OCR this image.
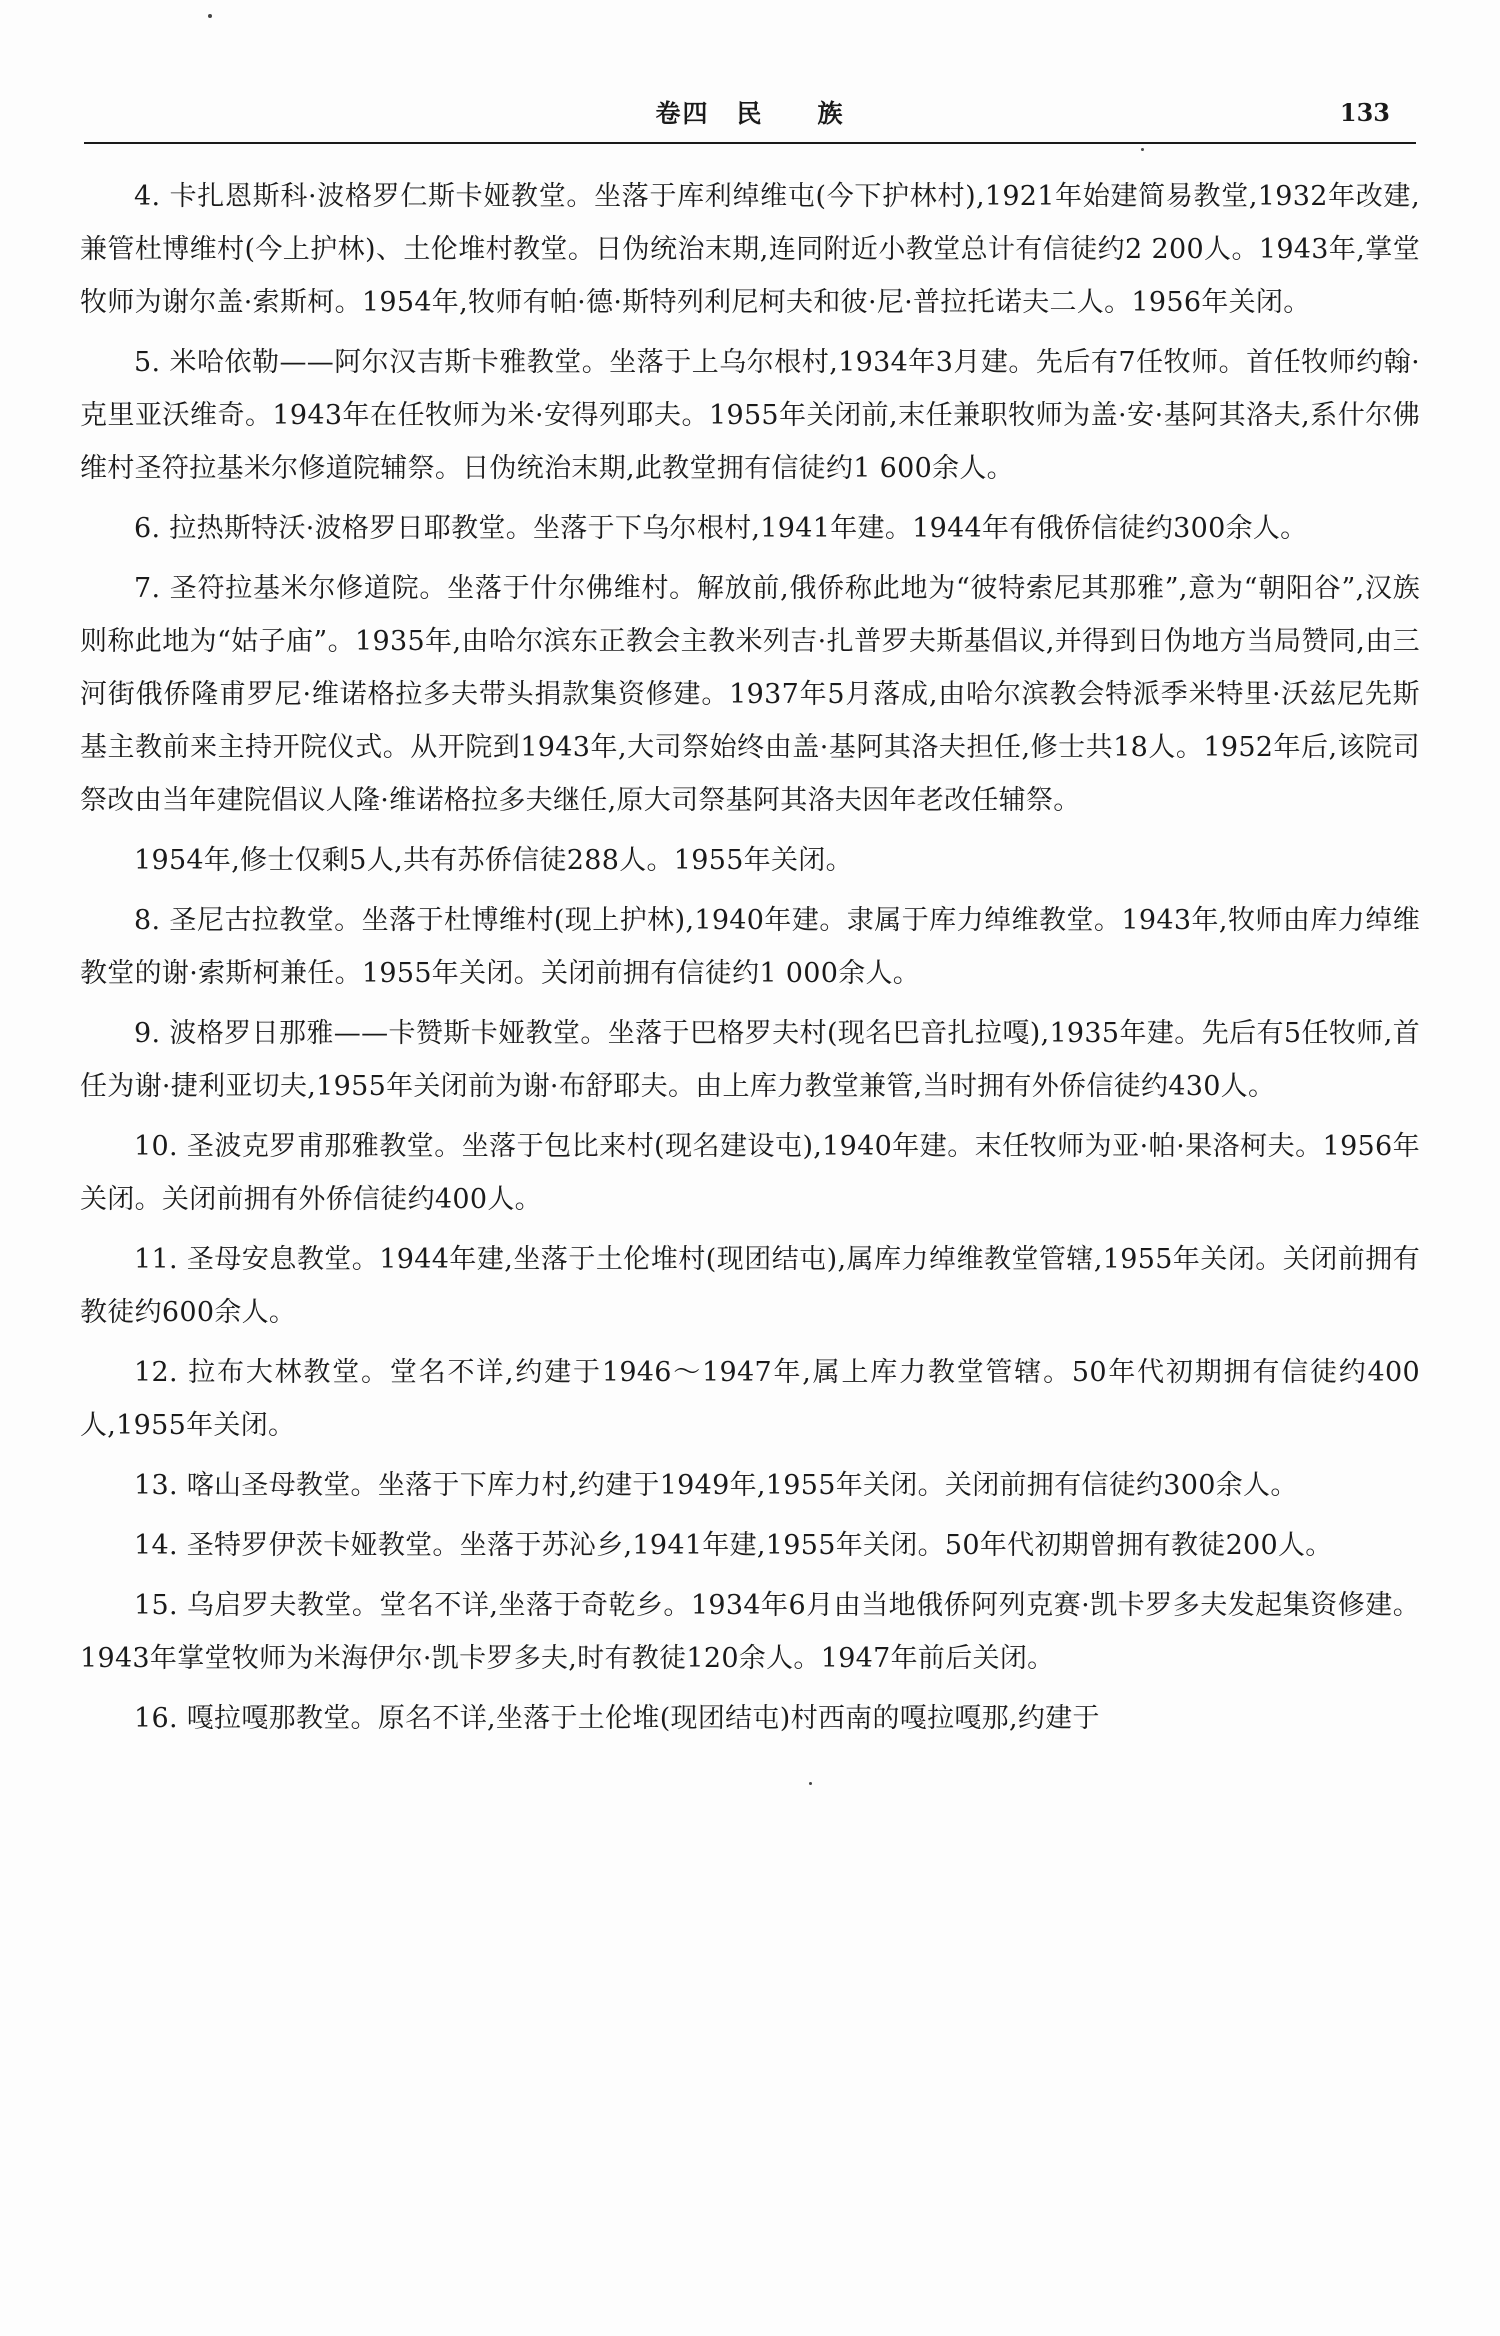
卷四　民　　族	133

4. 卡扎恩斯科·波格罗仁斯卡娅教堂。坐落于库利绰维屯(今下护林村),1921年始建简易教堂,1932年改建,兼管杜博维村(今上护林)、土伦堆村教堂。日伪统治末期,连同附近小教堂总计有信徒约2 200人。1943年,掌堂牧师为谢尔盖·索斯柯。1954年,牧师有帕·德·斯特列利尼柯夫和彼·尼·普拉托诺夫二人。1956年关闭。

5. 米哈依勒——阿尔汉吉斯卡雅教堂。坐落于上乌尔根村,1934年3月建。先后有7任牧师。首任牧师约翰·克里亚沃维奇。1943年在任牧师为米·安得列耶夫。1955年关闭前,末任兼职牧师为盖·安·基阿其洛夫,系什尔佛维村圣符拉基米尔修道院辅祭。日伪统治末期,此教堂拥有信徒约1 600余人。

6. 拉热斯特沃·波格罗日耶教堂。坐落于下乌尔根村,1941年建。1944年有俄侨信徒约300余人。

7. 圣符拉基米尔修道院。坐落于什尔佛维村。解放前,俄侨称此地为“彼特索尼其那雅”,意为“朝阳谷”,汉族则称此地为“姑子庙”。1935年,由哈尔滨东正教会主教米列吉·扎普罗夫斯基倡议,并得到日伪地方当局赞同,由三河街俄侨隆甫罗尼·维诺格拉多夫带头捐款集资修建。1937年5月落成,由哈尔滨教会特派季米特里·沃兹尼先斯基主教前来主持开院仪式。从开院到1943年,大司祭始终由盖·基阿其洛夫担任,修士共18人。1952年后,该院司祭改由当年建院倡议人隆·维诺格拉多夫继任,原大司祭基阿其洛夫因年老改任辅祭。

1954年,修士仅剩5人,共有苏侨信徒288人。1955年关闭。

8. 圣尼古拉教堂。坐落于杜博维村(现上护林),1940年建。隶属于库力绰维教堂。1943年,牧师由库力绰维教堂的谢·索斯柯兼任。1955年关闭。关闭前拥有信徒约1 000余人。

9. 波格罗日那雅——卡赞斯卡娅教堂。坐落于巴格罗夫村(现名巴音扎拉嘎),1935年建。先后有5任牧师,首任为谢·捷利亚切夫,1955年关闭前为谢·布舒耶夫。由上库力教堂兼管,当时拥有外侨信徒约430人。

10. 圣波克罗甫那雅教堂。坐落于包比来村(现名建设屯),1940年建。末任牧师为亚·帕·果洛柯夫。1956年关闭。关闭前拥有外侨信徒约400人。

11. 圣母安息教堂。1944年建,坐落于土伦堆村(现团结屯),属库力绰维教堂管辖,1955年关闭。关闭前拥有教徒约600余人。

12. 拉布大林教堂。堂名不详,约建于1946～1947年,属上库力教堂管辖。50年代初期拥有信徒约400人,1955年关闭。

13. 喀山圣母教堂。坐落于下库力村,约建于1949年,1955年关闭。关闭前拥有信徒约300余人。

14. 圣特罗伊茨卡娅教堂。坐落于苏沁乡,1941年建,1955年关闭。50年代初期曾拥有教徒200人。

15. 乌启罗夫教堂。堂名不详,坐落于奇乾乡。1934年6月由当地俄侨阿列克赛·凯卡罗多夫发起集资修建。1943年掌堂牧师为米海伊尔·凯卡罗多夫,时有教徒120余人。1947年前后关闭。

16. 嘎拉嘎那教堂。原名不详,坐落于土伦堆(现团结屯)村西南的嘎拉嘎那,约建于
